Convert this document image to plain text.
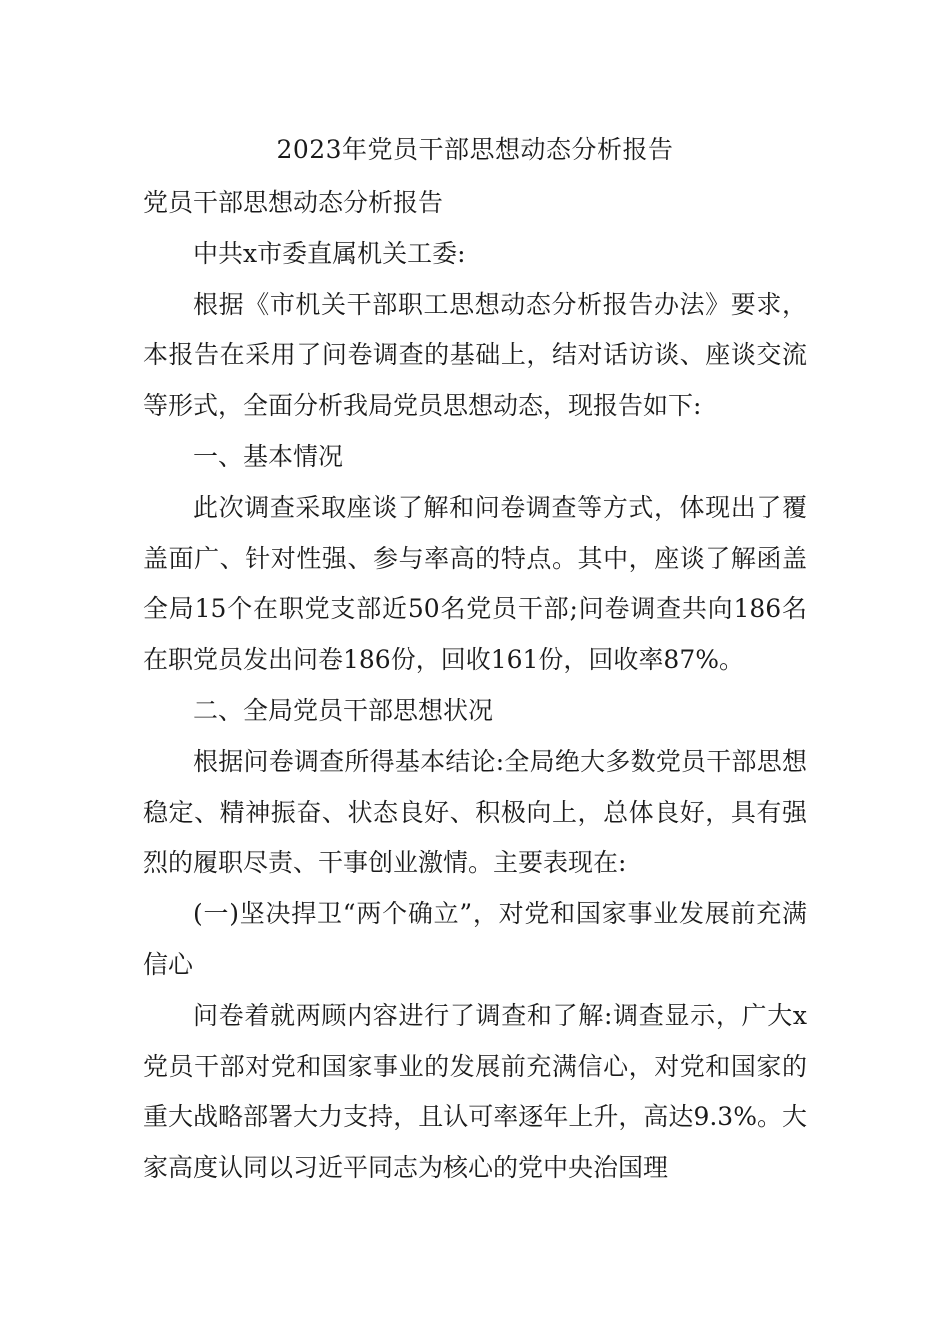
2023年党员干部思想动态分析报告

党员干部思想动态分析报告

中共x市委直属机关工委:

根据《市机关干部职工思想动态分析报告办法》要求，本报告在采用了问卷调查的基础上，结对话访谈、座谈交流等形式，全面分析我局党员思想动态，现报告如下:

一、基本情况

此次调查采取座谈了解和问卷调查等方式，体现出了覆盖面广、针对性强、参与率高的特点。其中，座谈了解函盖全局15个在职党支部近50名党员干部;问卷调查共向186名在职党员发出问卷186份，回收161份，回收率87%。

二、全局党员干部思想状况

根据问卷调查所得基本结论:全局绝大多数党员干部思想稳定、精神振奋、状态良好、积极向上，总体良好，具有强烈的履职尽责、干事创业激情。主要表现在:

(一)坚决捍卫“两个确立”，对党和国家事业发展前充满信心

问卷着就两顾内容进行了调查和了解:调查显示，广大x党员干部对党和国家事业的发展前充满信心，对党和国家的重大战略部署大力支持，且认可率逐年上升，高达9.3%。大家高度认同以习近平同志为核心的党中央治国理
